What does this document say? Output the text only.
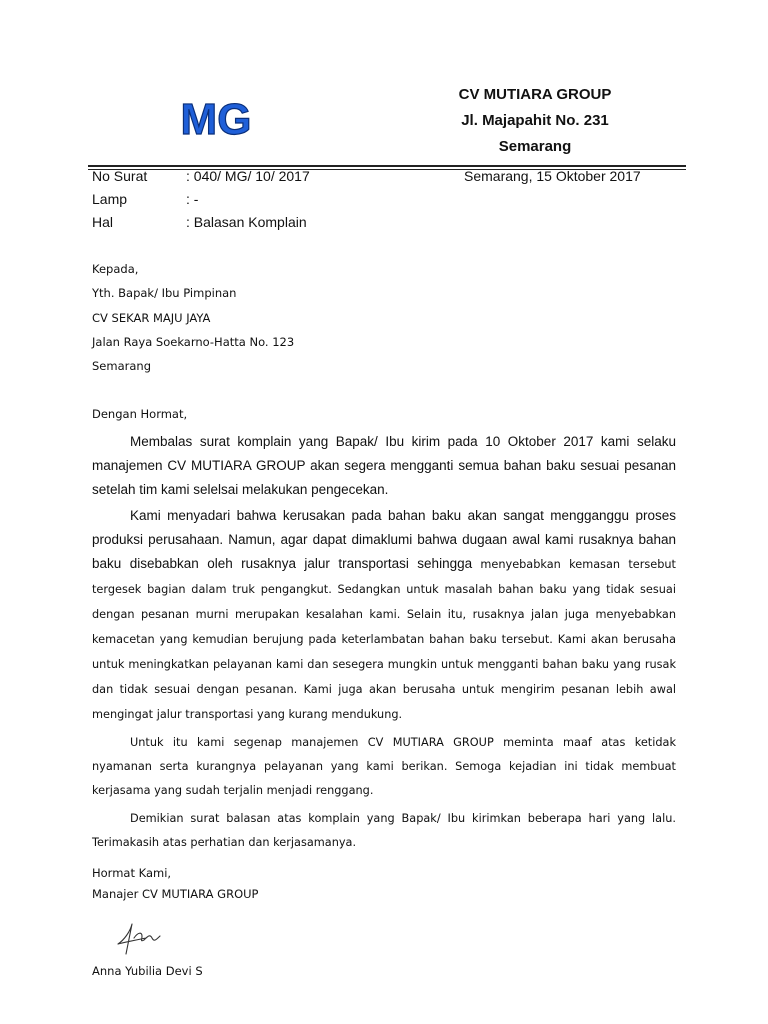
MG
CV MUTIARA GROUP
Jl. Majapahit No. 231
Semarang
No Surat	: 040/ MG/ 10/ 2017	Semarang, 15 Oktober 2017
Lamp	: -
Hal	: Balasan Komplain
Kepada,
Yth. Bapak/ Ibu Pimpinan
CV SEKAR MAJU JAYA
Jalan Raya Soekarno-Hatta No. 123
Semarang
Dengan Hormat,

Membalas surat komplain yang Bapak/ Ibu kirim pada 10 Oktober 2017 kami selaku manajemen CV MUTIARA GROUP akan segera mengganti semua bahan baku sesuai pesanan setelah tim kami selelsai melakukan pengecekan.

Kami menyadari bahwa kerusakan pada bahan baku akan sangat mengganggu proses produksi perusahaan. Namun, agar dapat dimaklumi bahwa dugaan awal kami rusaknya bahan baku disebabkan oleh rusaknya jalur transportasi sehingga menyebabkan kemasan tersebut tergesek bagian dalam truk pengangkut. Sedangkan untuk masalah bahan baku yang tidak sesuai dengan pesanan murni merupakan kesalahan kami. Selain itu, rusaknya jalan juga menyebabkan kemacetan yang kemudian berujung pada keterlambatan bahan baku tersebut. Kami akan berusaha untuk meningkatkan pelayanan kami dan sesegera mungkin untuk mengganti bahan baku yang rusak dan tidak sesuai dengan pesanan. Kami juga akan berusaha untuk mengirim pesanan lebih awal mengingat jalur transportasi yang kurang mendukung.

Untuk itu kami segenap manajemen CV MUTIARA GROUP meminta maaf atas ketidak nyamanan serta kurangnya pelayanan yang kami berikan. Semoga kejadian ini tidak membuat kerjasama yang sudah terjalin menjadi renggang.

Demikian surat balasan atas komplain yang Bapak/ Ibu kirimkan beberapa hari yang lalu. Terimakasih atas perhatian dan kerjasamanya.

Hormat Kami,
Manajer CV MUTIARA GROUP
Anna Yubilia Devi S
